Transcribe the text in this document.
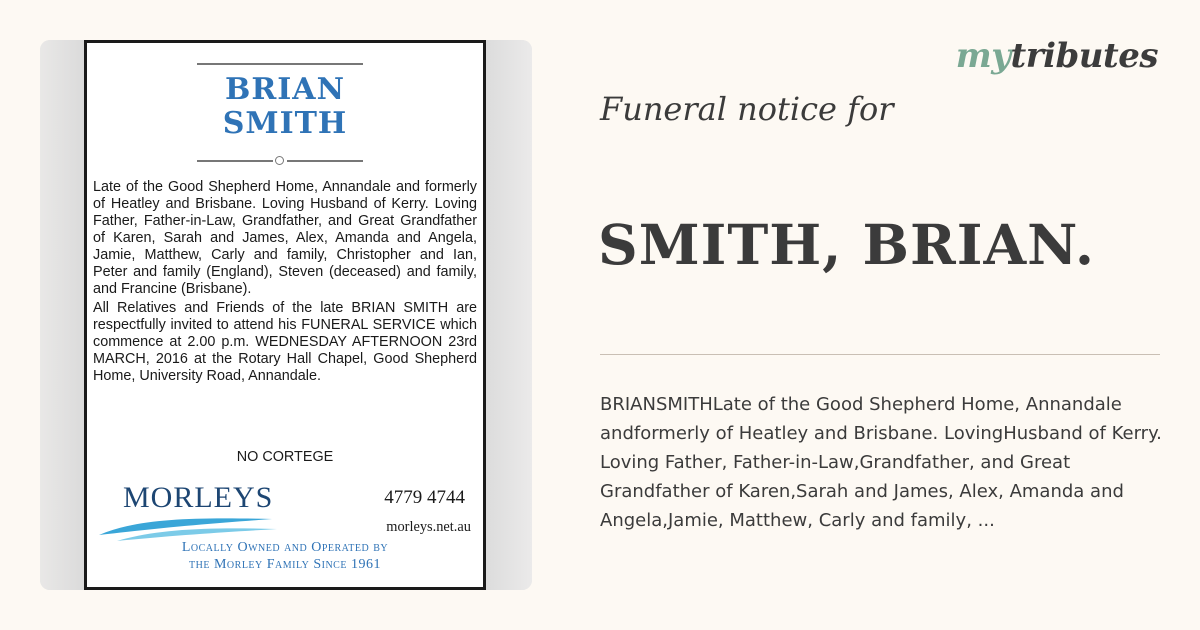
BRIAN
SMITH

Late of the Good Shepherd Home, Annandale and formerly of Heatley and Brisbane. Loving Husband of Kerry. Loving Father, Father-in-Law, Grandfather, and Great Grandfather of Karen, Sarah and James, Alex, Amanda and Angela, Jamie, Matthew, Carly and family, Christopher and Ian, Peter and family (England), Steven (deceased) and family, and Francine (Brisbane).

All Relatives and Friends of the late BRIAN SMITH are respectfully invited to attend his FUNERAL SERVICE which commence at 2.00 p.m. WEDNESDAY AFTERNOON 23rd MARCH, 2016 at the Rotary Hall Chapel, Good Shepherd Home, University Road, Annandale.

NO CORTEGE
MORLEYS	4779 4744
morleys.net.au
Locally Owned and Operated by
the Morley Family Since 1961
mytributes
Funeral notice for
SMITH, BRIAN.
BRIANSMITHLate of the Good Shepherd Home, Annandale andformerly of Heatley and Brisbane. LovingHusband of Kerry. Loving Father, Father-in-Law,Grandfather, and Great Grandfather of Karen,Sarah and James, Alex, Amanda and Angela,Jamie, Matthew, Carly and family, ...
